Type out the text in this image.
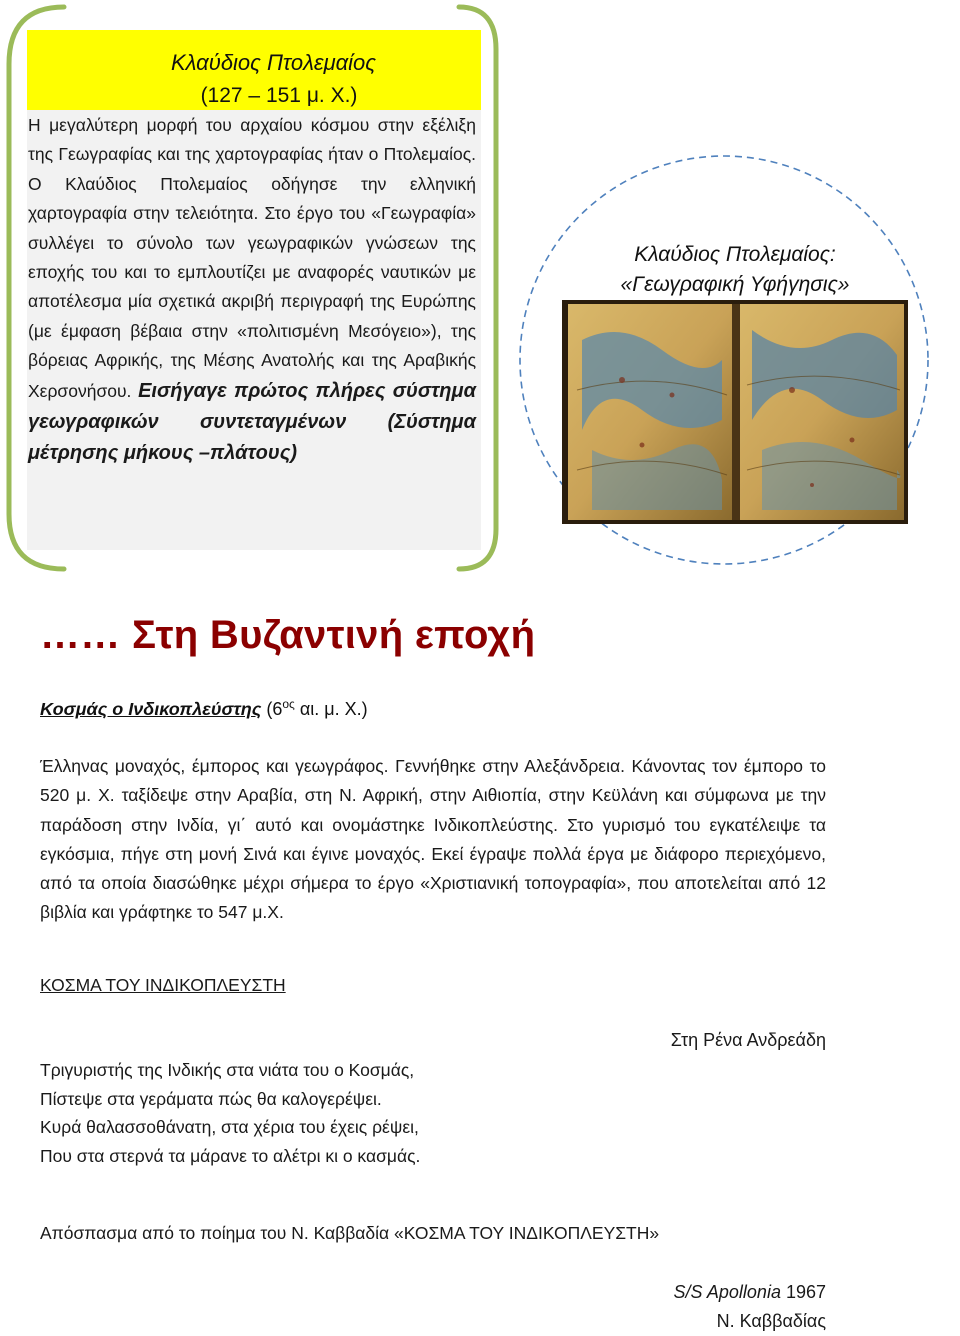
Κλαύδιος Πτολεμαίος
(127 – 151 μ. Χ.)
Η μεγαλύτερη μορφή του αρχαίου κόσμου στην εξέλιξη της Γεωγραφίας και της χαρτογραφίας ήταν ο Πτολεμαίος. Ο Κλαύδιος Πτολεμαίος οδήγησε την ελληνική χαρτογραφία στην τελειότητα. Στο έργο του «Γεωγραφία» συλλέγει το σύνολο των γεωγραφικών γνώσεων της εποχής του και το εμπλουτίζει με αναφορές ναυτικών με αποτέλεσμα μία σχετικά ακριβή περιγραφή της Ευρώπης (με έμφαση βέβαια στην «πολιτισμένη Μεσόγειο»), της βόρειας Αφρικής, της Μέσης Ανατολής και της Αραβικής Χερσονήσου. Εισήγαγε πρώτος πλήρες σύστημα γεωγραφικών συντεταγμένων (Σύστημα μέτρησης μήκους –πλάτους)
Κλαύδιος Πτολεμαίος:
«Γεωγραφική Υφήγησις»
…… Στη Βυζαντινή εποχή
Κοσμάς ο Ινδικοπλεύστης ($6^{o\varsigma}$ αι. μ. Χ.)
Έλληνας μοναχός, έμπορος και γεωγράφος. Γεννήθηκε στην Αλεξάνδρεια. Κάνοντας τον έμπορο το 520 μ. Χ. ταξίδεψε στην Αραβία, στη Ν. Αφρική, στην Αιθιοπία, στην Κεϋλάνη και σύμφωνα με την παράδοση στην Ινδία, γι΄ αυτό και ονομάστηκε Ινδικοπλεύστης. Στο γυρισμό του εγκατέλειψε τα εγκόσμια, πήγε στη μονή Σινά και έγινε μοναχός. Εκεί έγραψε πολλά έργα με διάφορο περιεχόμενο, από τα οποία διασώθηκε μέχρι σήμερα το έργο «Χριστιανική τοπογραφία», που αποτελείται από 12 βιβλία και γράφτηκε το 547 μ.Χ.
ΚΟΣΜΑ ΤΟΥ ΙΝΔΙΚΟΠΛΕΥΣΤΗ
Στη Ρένα Ανδρεάδη
Τριγυριστής της Ινδικής στα νιάτα του ο Κοσμάς,
Πίστεψε στα γεράματα πώς θα καλογερέψει.
Κυρά θαλασσοθάνατη, στα χέρια του έχεις ρέψει,
Που στα στερνά τα μάρανε το αλέτρι κι ο κασμάς.
Απόσπασμα από το ποίημα του Ν. Καββαδία «ΚΟΣΜΑ ΤΟΥ ΙΝΔΙΚΟΠΛΕΥΣΤΗ»
S/S Apollonia 1967
Ν. Καββαδίας
